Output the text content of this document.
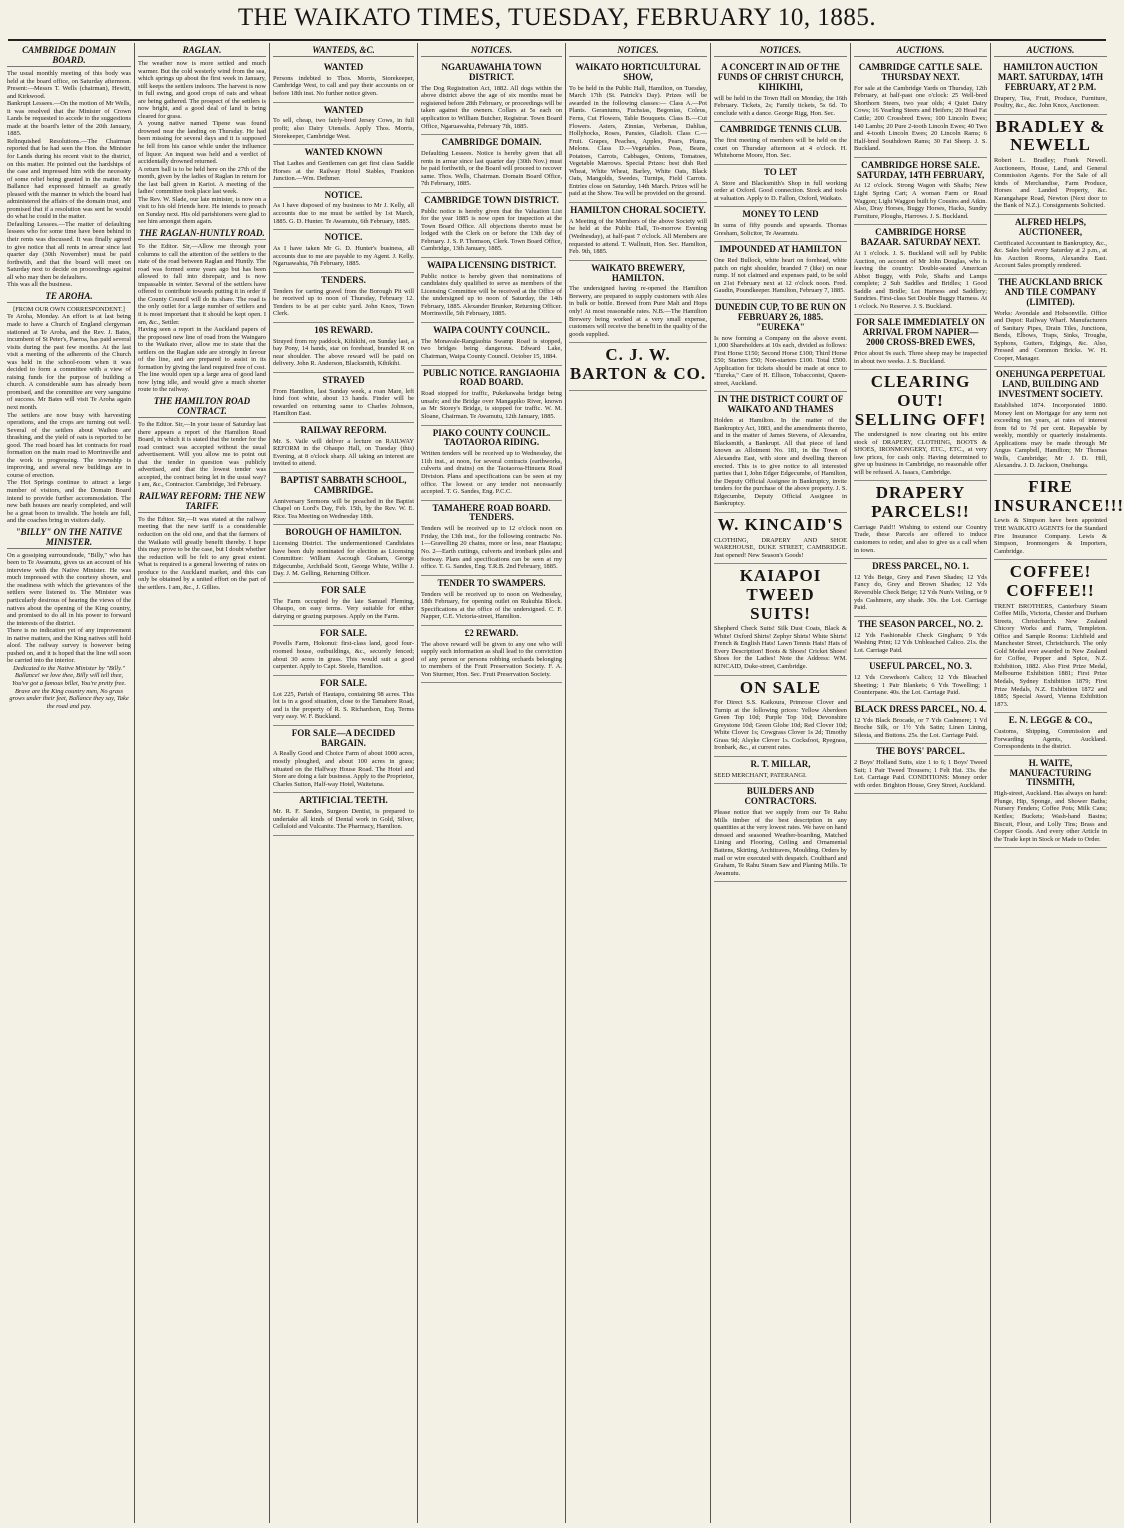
THE WAIKATO TIMES, TUESDAY, FEBRUARY 10, 1885.
CAMBRIDGE DOMAIN BOARD.
The usual monthly meeting of this body was held at the board office, on Saturday afternoon. Present:—Messrs T. Wells (chairman), Hewitt, and Kirkwood.
Bankrupt Lessees.—On the motion of Mr Wells, it was resolved that the Minister of Crown Lands be requested to accede to the suggestions made at the board's letter of the 20th January, 1885.
Relinquished Resolutions.—The Chairman reported that he had seen the Hon. the Minister for Lands during his recent visit to the district, on this matter. He pointed out the hardships of the case and impressed him with the necessity of some relief being granted in the matter. Mr Ballance had expressed himself as greatly pleased with the manner in which the board had administered the affairs of the domain trust, and promised that if a resolution was sent he would do what he could in the matter.
Defaulting Lessees.—The matter of defaulting lessees who for some time have been behind in their rents was discussed. It was finally agreed to give notice that all rents in arrear since last quarter day (30th November) must be paid forthwith, and that the board will meet on Saturday next to decide on proceedings against all who may then be defaulters.
This was all the business.
TE AROHA.
[FROM OUR OWN CORRESPONDENT.]
Te Aroha, Monday. An effort is at last being made to have a Church of England clergyman stationed at Te Aroha, and the Rev. J. Bates, incumbent of St Peter's, Paeroa, has paid several visits during the past few months. At the last visit a meeting of the adherents of the Church was held in the school-room when it was decided to form a committee with a view of raising funds for the purpose of building a church. A considerable sum has already been promised, and the committee are very sanguine of success. Mr Bates will visit Te Aroha again next month.
The settlers are now busy with harvesting operations, and the crops are turning out well. Several of the settlers about Waihou are thrashing, and the yield of oats is reported to be good. The road board has let contracts for road formation on the main road to Morrinsville and the work is progressing. The township is improving, and several new buildings are in course of erection.
The Hot Springs continue to attract a large number of visitors, and the Domain Board intend to provide further accommodation. The new bath houses are nearly completed, and will be a great boon to invalids. The hotels are full, and the coaches bring in visitors daily.
"BILLY" ON THE NATIVE MINISTER.
On a gossiping surroundoude, "Billy," who has been to Te Awamutu, gives us an account of his interview with the Native Minister. He was much impressed with the courtesy shown, and the readiness with which the grievances of the settlers were listened to. The Minister was particularly desirous of hearing the views of the natives about the opening of the King country, and promised to do all in his power to forward the interests of the district.
There is no indication yet of any improvement in native matters, and the King natives still hold aloof. The railway survey is however being pushed on, and it is hoped that the line will soon be carried into the interior.
Dedicated to the Native Minister by "Billy." Ballance! we love thee, Billy will tell thee, You've got a famous billet, You're pretty free. Brave are the King country men, No grass grows under their feet, Ballance they say, Take the road and pay.
RAGLAN.
The weather now is more settled and much warmer. But the cold westerly wind from the sea, which springs up about the first week in January, still keeps the settlers indoors. The harvest is now in full swing, and good crops of oats and wheat are being gathered. The prospect of the settlers is now bright, and a good deal of land is being cleared for grass.
A young native named Tipene was found drowned near the landing on Thursday. He had been missing for several days and it is supposed he fell from his canoe while under the influence of liquor. An inquest was held and a verdict of accidentally drowned returned.
A return ball is to be held here on the 27th of the month, given by the ladies of Raglan in return for the last ball given in Karioi. A meeting of the ladies' committee took place last week.
The Rev. W. Slade, our late minister, is now on a visit to his old friends here. He intends to preach on Sunday next. His old parishioners were glad to see him amongst them again.
THE RAGLAN-HUNTLY ROAD.
To the Editor. Sir,—Allow me through your columns to call the attention of the settlers to the state of the road between Raglan and Huntly. The road was formed some years ago but has been allowed to fall into disrepair, and is now impassable in winter. Several of the settlers have offered to contribute towards putting it in order if the County Council will do its share. The road is the only outlet for a large number of settlers and it is most important that it should be kept open. I am, &c., Settler.
Having seen a report in the Auckland papers of the proposed new line of road from the Waingaro to the Waikato river, allow me to state that the settlers on the Raglan side are strongly in favour of the line, and are prepared to assist in its formation by giving the land required free of cost. The line would open up a large area of good land now lying idle, and would give a much shorter route to the railway.
THE HAMILTON ROAD CONTRACT.
To the Editor. Sir,—In your issue of Saturday last there appears a report of the Hamilton Road Board, in which it is stated that the tender for the road contract was accepted without the usual advertisement. Will you allow me to point out that the tender in question was publicly advertised, and that the lowest tender was accepted, the contract being let in the usual way? I am, &c., Contractor. Cambridge, 3rd February.
RAILWAY REFORM: THE NEW TARIFF.
To the Editor. Sir,—It was stated at the railway meeting that the new tariff is a considerable reduction on the old one, and that the farmers of the Waikato will greatly benefit thereby. I hope this may prove to be the case, but I doubt whether the reduction will be felt to any great extent. What is required is a general lowering of rates on produce to the Auckland market, and this can only be obtained by a united effort on the part of the settlers. I am, &c., J. Gillies.
WANTEDS, &C.
WANTED
Persons indebted to Thos. Morris, Storekeeper, Cambridge West, to call and pay their accounts on or before 18th inst. No further notice given.
WANTED
To sell, cheap, two fairly-bred Jersey Cows, in full profit; also Dairy Utensils. Apply Thos. Morris, Storekeeper, Cambridge West.
WANTED KNOWN
That Ladies and Gentlemen can get first class Saddle Horses at the Railway Hotel Stables, Frankton Junction.—Wm. Dethmer.
NOTICE.
As I have disposed of my business to Mr J. Kelly, all accounts due to me must be settled by 1st March, 1885. G. D. Hunter. Te Awamutu, 6th February, 1885.
NOTICE.
As I have taken Mr G. D. Hunter's business, all accounts due to me are payable to my Agent. J. Kelly. Ngaruawahia, 7th February, 1885.
TENDERS.
Tenders for carting gravel from the Borough Pit will be received up to noon of Thursday, February 12. Tenders to be at per cubic yard. John Knox, Town Clerk.
10S REWARD.
Strayed from my paddock, Kihikihi, on Sunday last, a bay Pony, 14 hands, star on forehead, branded R on near shoulder. The above reward will be paid on delivery. John R. Anderson, Blacksmith, Kihikihi.
STRAYED
From Hamilton, last Sunday week, a roan Mare, left hind foot white, about 13 hands. Finder will be rewarded on returning same to Charles Johnson, Hamilton East.
RAILWAY REFORM.
Mr. S. Vaile will deliver a lecture on RAILWAY REFORM in the Ohaupo Hall, on Tuesday (this) Evening, at 8 o'clock sharp. All taking an interest are invited to attend.
BAPTIST SABBATH SCHOOL, CAMBRIDGE.
Anniversary Sermons will be preached in the Baptist Chapel on Lord's Day, Feb. 15th, by the Rev. W. E. Rice. Tea Meeting on Wednesday 18th.
BOROUGH OF HAMILTON.
Licensing District. The undermentioned Candidates have been duly nominated for election as Licensing Committee: William Ascough Graham, George Edgecumbe, Archibald Scott, George White, Willie J. Day. J. M. Gelling, Returning Officer.
FOR SALE
The Farm occupied by the late Samuel Fleming, Ohaupo, on easy terms. Very suitable for either dairying or grazing purposes. Apply on the Farm.
FOR SALE.
Povells Farm, Hokonui: first-class land, good four-roomed house, outbuildings, &c., securely fenced; about 30 acres in grass. This would suit a good carpenter. Apply to Capt. Steele, Hamilton.
FOR SALE.
Lot 225, Parish of Hautapu, containing 98 acres. This lot is in a good situation, close to the Tamahere Road, and is the property of R. S. Richardson, Esq. Terms very easy. W. F. Buckland.
FOR SALE—A DECIDED BARGAIN.
A Really Good and Choice Farm of about 1000 acres, mostly ploughed, and about 100 acres in grass; situated on the Halfway House Road. The Hotel and Store are doing a fair business. Apply to the Proprietor, Charles Sutton, Half-way Hotel, Waitetuna.
ARTIFICIAL TEETH.
Mr. R. F. Sandes, Surgeon Dentist, is prepared to undertake all kinds of Dental work in Gold, Silver, Celluloid and Vulcanite. The Pharmacy, Hamilton.
NOTICES.
NGARUAWAHIA TOWN DISTRICT.
The Dog Registration Act, 1882. All dogs within the above district above the age of six months must be registered before 28th February, or proceedings will be taken against the owners. Collars at 5s each on application to William Butcher, Registrar. Town Board Office, Ngaruawahia, February 7th, 1885.
CAMBRIDGE DOMAIN.
Defaulting Lessees. Notice is hereby given that all rents in arrear since last quarter day (30th Nov.) must be paid forthwith, or the Board will proceed to recover same. Thos. Wells, Chairman. Domain Board Office, 7th February, 1885.
CAMBRIDGE TOWN DISTRICT.
Public notice is hereby given that the Valuation List for the year 1885 is now open for inspection at the Town Board Office. All objections thereto must be lodged with the Clerk on or before the 13th day of February. J. S. P. Thomson, Clerk. Town Board Office, Cambridge, 13th January, 1885.
WAIPA LICENSING DISTRICT.
Public notice is hereby given that nominations of candidates duly qualified to serve as members of the Licensing Committee will be received at the Office of the undersigned up to noon of Saturday, the 14th February, 1885. Alexander Brunker, Returning Officer. Morrinsville, 5th February, 1885.
WAIPA COUNTY COUNCIL.
The Monavale-Rangiaohia Swamp Road is stopped, two bridges being dangerous. Edward Lake, Chairman, Waipa County Council. October 15, 1884.
PUBLIC NOTICE. RANGIAOHIA ROAD BOARD.
Road stopped for traffic, Pukekawaha bridge being unsafe; and the Bridge over Mangapiko River, known as Mr Storey's Bridge, is stopped for traffic. W. M. Sloane, Chairman. Te Awamutu, 12th January, 1885.
PIAKO COUNTY COUNCIL. TAOTAOROA RIDING.
Written tenders will be received up to Wednesday, the 11th inst., at noon, for several contracts (earthworks, culverts and drains) on the Taotaoroa-Hinuera Road Division. Plans and specifications can be seen at my office. The lowest or any tender not necessarily accepted. T. G. Sandes, Eng. P.C.C.
TAMAHERE ROAD BOARD. TENDERS.
Tenders will be received up to 12 o'clock noon on Friday, the 13th inst., for the following contracts: No. 1—Gravelling 20 chains, more or less, near Hautapu; No. 2—Earth cuttings, culverts and ironbark piles and footway. Plans and specifications can be seen at my office. T. G. Sandes, Eng. T.R.B. 2nd February, 1885.
TENDER TO SWAMPERS.
Tenders will be received up to noon on Wednesday, 18th February, for opening outlet on Rukuhia Block. Specifications at the office of the undersigned. C. F. Napper, C.E. Victoria-street, Hamilton.
£2 REWARD.
The above reward will be given to any one who will supply such information as shall lead to the conviction of any person or persons robbing orchards belonging to members of the Fruit Preservation Society. F. A. Von Sturmer, Hon. Sec. Fruit Preservation Society.
NOTICES.
WAIKATO HORTICULTURAL SHOW,
To be held in the Public Hall, Hamilton, on Tuesday, March 17th (St. Patrick's Day). Prizes will be awarded in the following classes:— Class A.—Pot Plants. Geraniums, Fuchsias, Begonias, Coleus, Ferns, Cut Flowers, Table Bouquets. Class B.—Cut Flowers. Asters, Zinnias, Verbenas, Dahlias, Hollyhocks, Roses, Pansies, Gladioli. Class C.—Fruit. Grapes, Peaches, Apples, Pears, Plums, Melons. Class D.—Vegetables. Peas, Beans, Potatoes, Carrots, Cabbages, Onions, Tomatoes, Vegetable Marrows. Special Prizes: best dish Red Wheat, White Wheat, Barley, White Oats, Black Oats, Mangolds, Swedes, Turnips, Field Carrots. Entries close on Saturday, 14th March. Prizes will be paid at the Show. Tea will be provided on the ground.
HAMILTON CHORAL SOCIETY.
A Meeting of the Members of the above Society will be held at the Public Hall, To-morrow Evening (Wednesday), at half-past 7 o'clock. All Members are requested to attend. T. Wallnutt, Hon. Sec. Hamilton, Feb. 9th, 1885.
WAIKATO BREWERY, HAMILTON.
The undersigned having re-opened the Hamilton Brewery, are prepared to supply customers with Ales in bulk or bottle. Brewed from Pure Malt and Hops only! At most reasonable rates. N.B.—The Hamilton Brewery being worked at a very small expense, customers will receive the benefit in the quality of the goods supplied.
C. J. W. BARTON & CO.
NOTICES.
A CONCERT IN AID OF THE FUNDS OF CHRIST CHURCH, KIHIKIHI,
will be held in the Town Hall on Monday, the 16th February. Tickets, 2s; Family tickets, 5s 6d. To conclude with a dance. George Rigg, Hon. Sec.
CAMBRIDGE TENNIS CLUB.
The first meeting of members will be held on the court on Thursday afternoon at 4 o'clock. H. Whitehorne Moore, Hon. Sec.
TO LET
A Store and Blacksmith's Shop in full working order at Oxford. Good connection. Stock and tools at valuation. Apply to D. Fallon, Oxford, Waikato.
MONEY TO LEND
In sums of fifty pounds and upwards. Thomas Gresham, Solicitor, Te Awamutu.
IMPOUNDED AT HAMILTON
One Red Bullock, white heart on forehead, white patch on right shoulder, branded 7 (like) on near rump. If not claimed and expenses paid, to be sold on 21st February next at 12 o'clock noon. Fred. Gaudin, Poundkeeper. Hamilton, February 7, 1885.
DUNEDIN CUP, TO BE RUN ON FEBRUARY 26, 1885. "EUREKA"
Is now forming a Company on the above event. 1,000 Shareholders at 10s each, divided as follows: First Horse £150; Second Horse £100; Third Horse £50; Starters £50; Non-starters £100. Total £500. Application for tickets should be made at once to "Eureka," Care of H. Ellison, Tobacconist, Queen-street, Auckland.
IN THE DISTRICT COURT OF WAIKATO AND THAMES
Holden at Hamilton. In the matter of the Bankruptcy Act, 1883, and the amendments thereto, and in the matter of James Stevens, of Alexandra, Blacksmith, a Bankrupt. All that piece of land known as Allotment No. 181, in the Town of Alexandra East, with store and dwelling thereon erected. This is to give notice to all interested parties that I, John Edger Edgecumbe, of Hamilton, the Deputy Official Assignee in Bankruptcy, invite tenders for the purchase of the above property. J. S. Edgecumbe, Deputy Official Assignee in Bankruptcy.
W. KINCAID'S
CLOTHING, DRAPERY AND SHOE WAREHOUSE, DUKE STREET, CAMBRIDGE. Just opened! New Season's Goods!
KAIAPOI TWEED SUITS!
Shepherd Check Suits! Silk Dust Coats, Black & White! Oxford Shirts! Zephyr Shirts! White Shirts! French & English Hats! Lawn Tennis Hats! Hats of Every Description! Boots & Shoes! Cricket Shoes! Shoes for the Ladies! Note the Address: WM. KINCAID, Duke-street, Cambridge.
ON SALE
For Direct S.S. Kaikoura, Primrose Clover and Turnip at the following prices: Yellow Aberdeen Green Top 10d; Purple Top 10d; Devonshire Greystone 10d; Green Globe 10d; Red Clover 10d; White Clover 1s; Cowgrass Clover 1s 2d; Timothy Grass 9d; Alsyke Clover 1s. Cocksfoot, Ryegrass, Ironbark, &c., at current rates.
R. T. MILLAR,
SEED MERCHANT, PATERANGI.
BUILDERS AND CONTRACTORS.
Please notice that we supply from our Te Rahu Mills timber of the best description in any quantities at the very lowest rates. We have on hand dressed and seasoned Weather-boarding, Matched Lining and Flooring, Ceiling and Ornamental Battens, Skirting, Architraves, Moulding. Orders by mail or wire executed with despatch. Coulthard and Graham, Te Rahu Steam Saw and Planing Mills. Te Awamutu.
AUCTIONS.
CAMBRIDGE CATTLE SALE. THURSDAY NEXT.
For sale at the Cambridge Yards on Thursday, 12th February, at half-past one o'clock: 25 Well-bred Shorthorn Steers, two year olds; 4 Quiet Dairy Cows; 16 Yearling Steers and Heifers; 20 Head Fat Cattle; 200 Crossbred Ewes; 100 Lincoln Ewes; 140 Lambs; 20 Pure 2-tooth Lincoln Ewes; 40 Two and 4-tooth Lincoln Ewes; 20 Lincoln Rams; 6 Half-bred Southdown Rams; 30 Fat Sheep. J. S. Buckland.
CAMBRIDGE HORSE SALE. SATURDAY, 14TH FEBRUARY,
At 12 o'clock. Strong Wagon with Shafts; New Light Spring Cart; A woman Farm or Road Waggon; Light Waggon built by Cousins and Atkin. Also, Dray Horses, Buggy Horses, Hacks, Sundry Furniture, Ploughs, Harrows. J. S. Buckland.
CAMBRIDGE HORSE BAZAAR. SATURDAY NEXT.
At 1 o'clock. J. S. Buckland will sell by Public Auction, on account of Mr John Douglas, who is leaving the country: Double-seated American Abbot Buggy, with Pole, Shafts and Lamps complete; 2 Sub Saddles and Bridles; 1 Good Saddle and Bridle; Lot Harness and Saddlery; Sundries. First-class Set Double Buggy Harness. At 1 o'clock. No Reserve. J. S. Buckland.
FOR SALE IMMEDIATELY ON ARRIVAL FROM NAPIER— 2000 CROSS-BRED EWES,
Price about 9s each. Three sheep may be inspected in about two weeks. J. S. Buckland.
CLEARING OUT! SELLING OFF!
The undersigned is now clearing out his entire stock of DRAPERY, CLOTHING, BOOTS & SHOES, IRONMONGERY, ETC., ETC., at very low prices, for cash only. Having determined to give up business in Cambridge, no reasonable offer will be refused. A. Isaacs, Cambridge.
DRAPERY PARCELS!!
Carriage Paid!! Wishing to extend our Country Trade, these Parcels are offered to induce customers to order, and also to give us a call when in town.
DRESS PARCEL, NO. 1.
12 Yds Beige, Grey and Fawn Shades; 12 Yds Fancy do, Grey and Brown Shades; 12 Yds Reversible Check Beige; 12 Yds Nun's Veiling, or 9 yds Cashmere, any shade. 30s. the Lot. Carriage Paid.
THE SEASON PARCEL, NO. 2.
12 Yds Fashionable Check Gingham; 9 Yds Washing Print; 12 Yds Unbleached Calico. 21s. the Lot. Carriage Paid.
USEFUL PARCEL, NO. 3.
12 Yds Crewdson's Calico; 12 Yds Bleached Sheeting; 1 Pair Blankets; 6 Yds Towelling; 1 Counterpane. 40s. the Lot. Carriage Paid.
BLACK DRESS PARCEL, NO. 4.
12 Yds Black Brocade, or 7 Yds Cashmere; 1 Vd Broche Silk, or 1½ Yds Satin; Linen Lining, Silesia, and Buttons. 25s. the Lot. Carriage Paid.
THE BOYS' PARCEL.
2 Boys' Holland Suits, size 1 to 6; 1 Boys' Tweed Suit; 1 Pair Tweed Trousers; 1 Felt Hat. 33s. the Lot. Carriage Paid. CONDITIONS: Money order with order. Brighton House, Grey Street, Auckland.
AUCTIONS.
HAMILTON AUCTION MART. SATURDAY, 14TH FEBRUARY, AT 2 P.M.
Drapery, Tea, Fruit, Produce, Furniture, Poultry, &c., &c. John Knox, Auctioneer.
BRADLEY & NEWELL
Robert L. Bradley; Frank Newell. Auctioneers, House, Land, and General Commission Agents. For the Sale of all kinds of Merchandise, Farm Produce, Horses and Landed Property, &c. Karangahape Road, Newton (Next door to the Bank of N.Z.). Consignments Solicited.
ALFRED HELPS, AUCTIONEER,
Certificated Accountant in Bankruptcy, &c., &c. Sales held every Saturday at 2 p.m., at his Auction Rooms, Alexandra East. Account Sales promptly rendered.
THE AUCKLAND BRICK AND TILE COMPANY (LIMITED).
Works: Avondale and Hobsonville. Office and Depot: Railway Wharf. Manufacturers of Sanitary Pipes, Drain Tiles, Junctions, Bends, Elbows, Traps, Sinks, Troughs, Syphons, Gutters, Edgings, &c. Also, Pressed and Common Bricks. W. H. Cooper, Manager.
ONEHUNGA PERPETUAL LAND, BUILDING AND INVESTMENT SOCIETY.
Established 1874. Incorporated 1880. Money lent on Mortgage for any term not exceeding ten years, at rates of interest from 6d to 7d per cent. Repayable by weekly, monthly or quarterly instalments. Applications may be made through Mr Angus Campbell, Hamilton; Mr Thomas Wells, Cambridge; Mr J. D. Hill, Alexandra. J. D. Jackson, Onehunga.
FIRE INSURANCE!!!
Lewis & Simpson have been appointed THE WAIKATO AGENTS for the Standard Fire Insurance Company. Lewis & Simpson, Ironmongers & Importers, Cambridge.
COFFEE! COFFEE!!
TRENT BROTHERS, Canterbury Steam Coffee Mills, Victoria, Chester and Durham Streets, Christchurch. New Zealand Chicory Works and Farm, Templeton. Office and Sample Rooms: Lichfield and Manchester Street, Christchurch. The only Gold Medal ever awarded in New Zealand for Coffee, Pepper and Spice, N.Z. Exhibition, 1882. Also First Prize Medal, Melbourne Exhibition 1881; First Prize Medals, Sydney Exhibition 1879; First Prize Medals, N.Z. Exhibition 1872 and 1885; Special Award, Vienna Exhibition 1873.
E. N. LEGGE & CO.,
Customs, Shipping, Commission and Forwarding Agents, Auckland. Correspondents in the district.
H. WAITE, MANUFACTURING TINSMITH,
High-street, Auckland. Has always on hand: Plunge, Hip, Sponge, and Shower Baths; Nursery Fenders; Coffee Pots; Milk Cans; Kettles; Buckets; Wash-hand Basins; Biscuit, Flour, and Lolly Tins; Brass and Copper Goods. And every other Article in the Trade kept in Stock or Made to Order.
